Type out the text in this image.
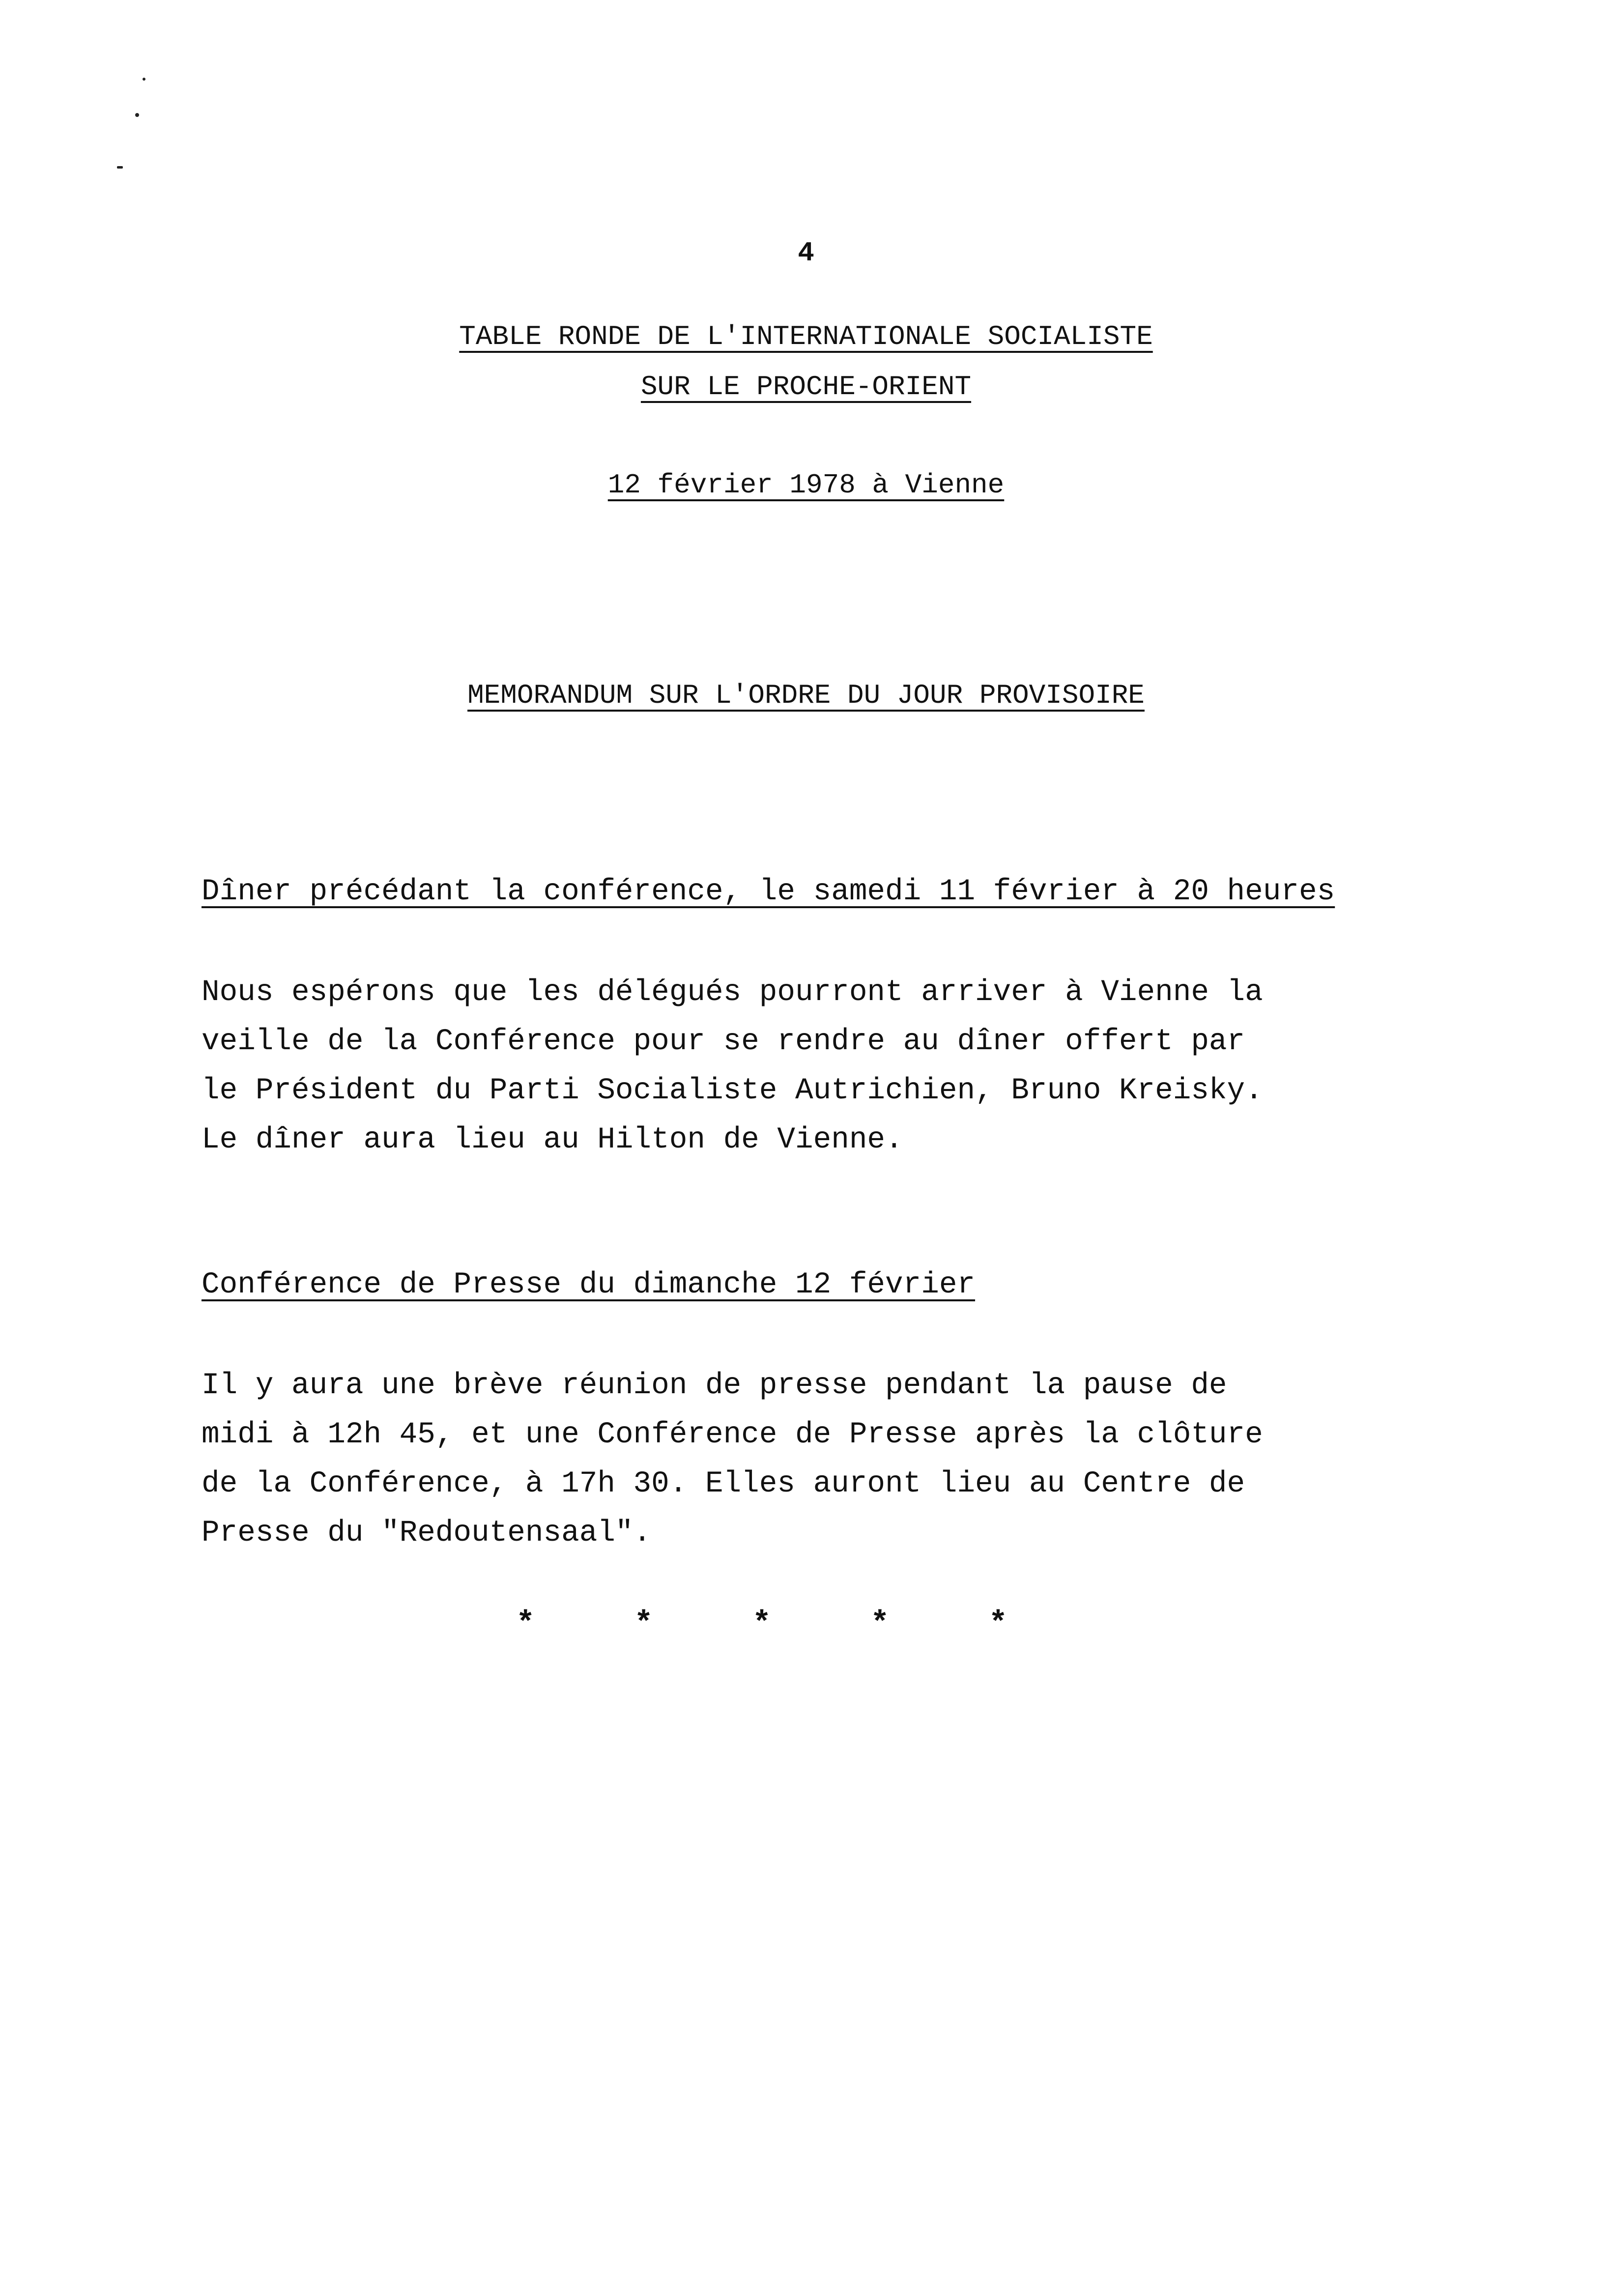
4
TABLE RONDE DE L'INTERNATIONALE SOCIALISTE
SUR LE PROCHE-ORIENT
12 février 1978 à Vienne
MEMORANDUM SUR L'ORDRE DU JOUR PROVISOIRE
Dîner précédant la conférence, le samedi 11 février à 20 heures
Nous espérons que les délégués pourront arriver à Vienne la
veille de la Conférence pour se rendre au dîner offert par
le Président du Parti Socialiste Autrichien, Bruno Kreisky.
Le dîner aura lieu au Hilton de Vienne.
Conférence de Presse du dimanche 12 février
Il y aura une brève réunion de presse pendant la pause de
midi à 12h 45, et une Conférence de Presse après la clôture
de la Conférence, à 17h 30. Elles auront lieu au Centre de
Presse du "Redoutensaal".
*	*	*	*	*
